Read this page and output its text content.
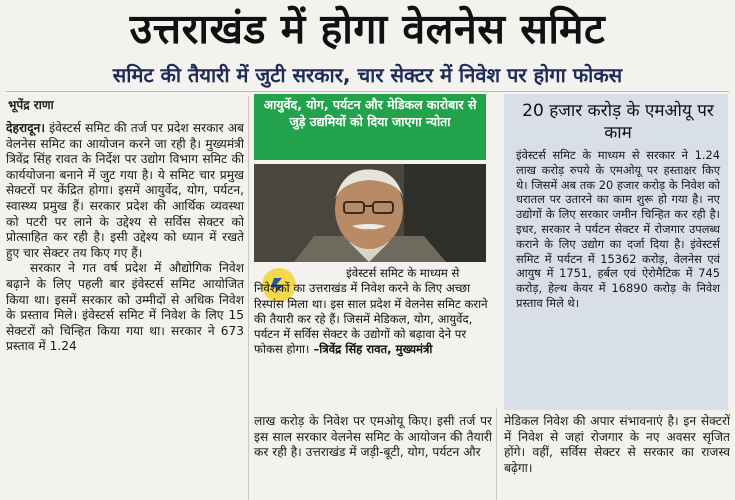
उत्तराखंड में होगा वेलनेस समिट
समिट की तैयारी में जुटी सरकार, चार सेक्टर में निवेश पर होगा फोकस
भूपेंद्र राणा

देहरादून। इंवेस्टर्स समिट की तर्ज पर प्रदेश सरकार अब वेलनेस समिट का आयोजन करने जा रही है। मुख्यमंत्री त्रिवेंद्र सिंह रावत के निर्देश पर उद्योग विभाग समिट की कार्ययोजना बनाने में जुट गया है। ये समिट चार प्रमुख सेक्टरों पर केंद्रित होगा। इसमें आयुर्वेद, योग, पर्यटन, स्वास्थ्य प्रमुख हैं। सरकार प्रदेश की आर्थिक व्यवस्था को पटरी पर लाने के उद्देश्य से सर्विस सेक्टर को प्रोत्साहित कर रही है। इसी उद्देश्य को ध्यान में रखते हुए चार सेक्टर तय किए गए हैं।

सरकार ने गत वर्ष प्रदेश में औद्योगिक निवेश बढ़ाने के लिए पहली बार इंवेस्टर्स समिट आयोजित किया था। इसमें सरकार को उम्मीदों से अधिक निवेश के प्रस्ताव मिले। इंवेस्टर्स समिट में निवेश के लिए 15 सेक्टरों को चिन्हित किया गया था। सरकार ने 673 प्रस्ताव में 1.24

आयुर्वेद, योग, पर्यटन और मेडिकल कारोबार से जुड़े उद्यमियों को दिया जाएगा न्योता
इंवेस्टर्स समिट के माध्यम से निवेशकों का उत्तराखंड में निवेश करने के लिए अच्छा रिस्पांस मिला था। इस साल प्रदेश में वेलनेस समिट कराने की तैयारी कर रहे हैं। जिसमें मेडिकल, योग, आयुर्वेद, पर्यटन में सर्विस सेक्टर के उद्योगों को बढ़ावा देने पर फोकस होगा। –त्रिवेंद्र सिंह रावत, मुख्यमंत्री
20 हजार करोड़ के एमओयू पर काम
इंवेस्टर्स समिट के माध्यम से सरकार ने 1.24 लाख करोड़ रुपये के एमओयू पर हस्ताक्षर किए थे। जिसमें अब तक 20 हजार करोड़ के निवेश को धरातल पर उतारने का काम शुरू हो गया है। नए उद्योगों के लिए सरकार जमीन चिन्हित कर रही है। इधर, सरकार ने पर्यटन सेक्टर में रोजगार उपलब्ध कराने के लिए उद्योग का दर्जा दिया है। इंवेस्टर्स समिट में पर्यटन में 15362 करोड़, वेलनेस एवं आयुष में 1751, हर्बल एवं ऐरोमैटिक में 745 करोड़, हेल्थ केयर में 16890 करोड़ के निवेश प्रस्ताव मिले थे।
लाख करोड़ के निवेश पर एमओयू किए। इसी तर्ज पर इस साल सरकार वेलनेस समिट के आयोजन की तैयारी कर रही है। उत्तराखंड में जड़ी-बूटी, योग, पर्यटन और
मेडिकल निवेश की अपार संभावनाएं है। इन सेक्टरों में निवेश से जहां रोजगार के नए अवसर सृजित होंगे। वहीं, सर्विस सेक्टर से सरकार का राजस्व बढ़ेगा।
